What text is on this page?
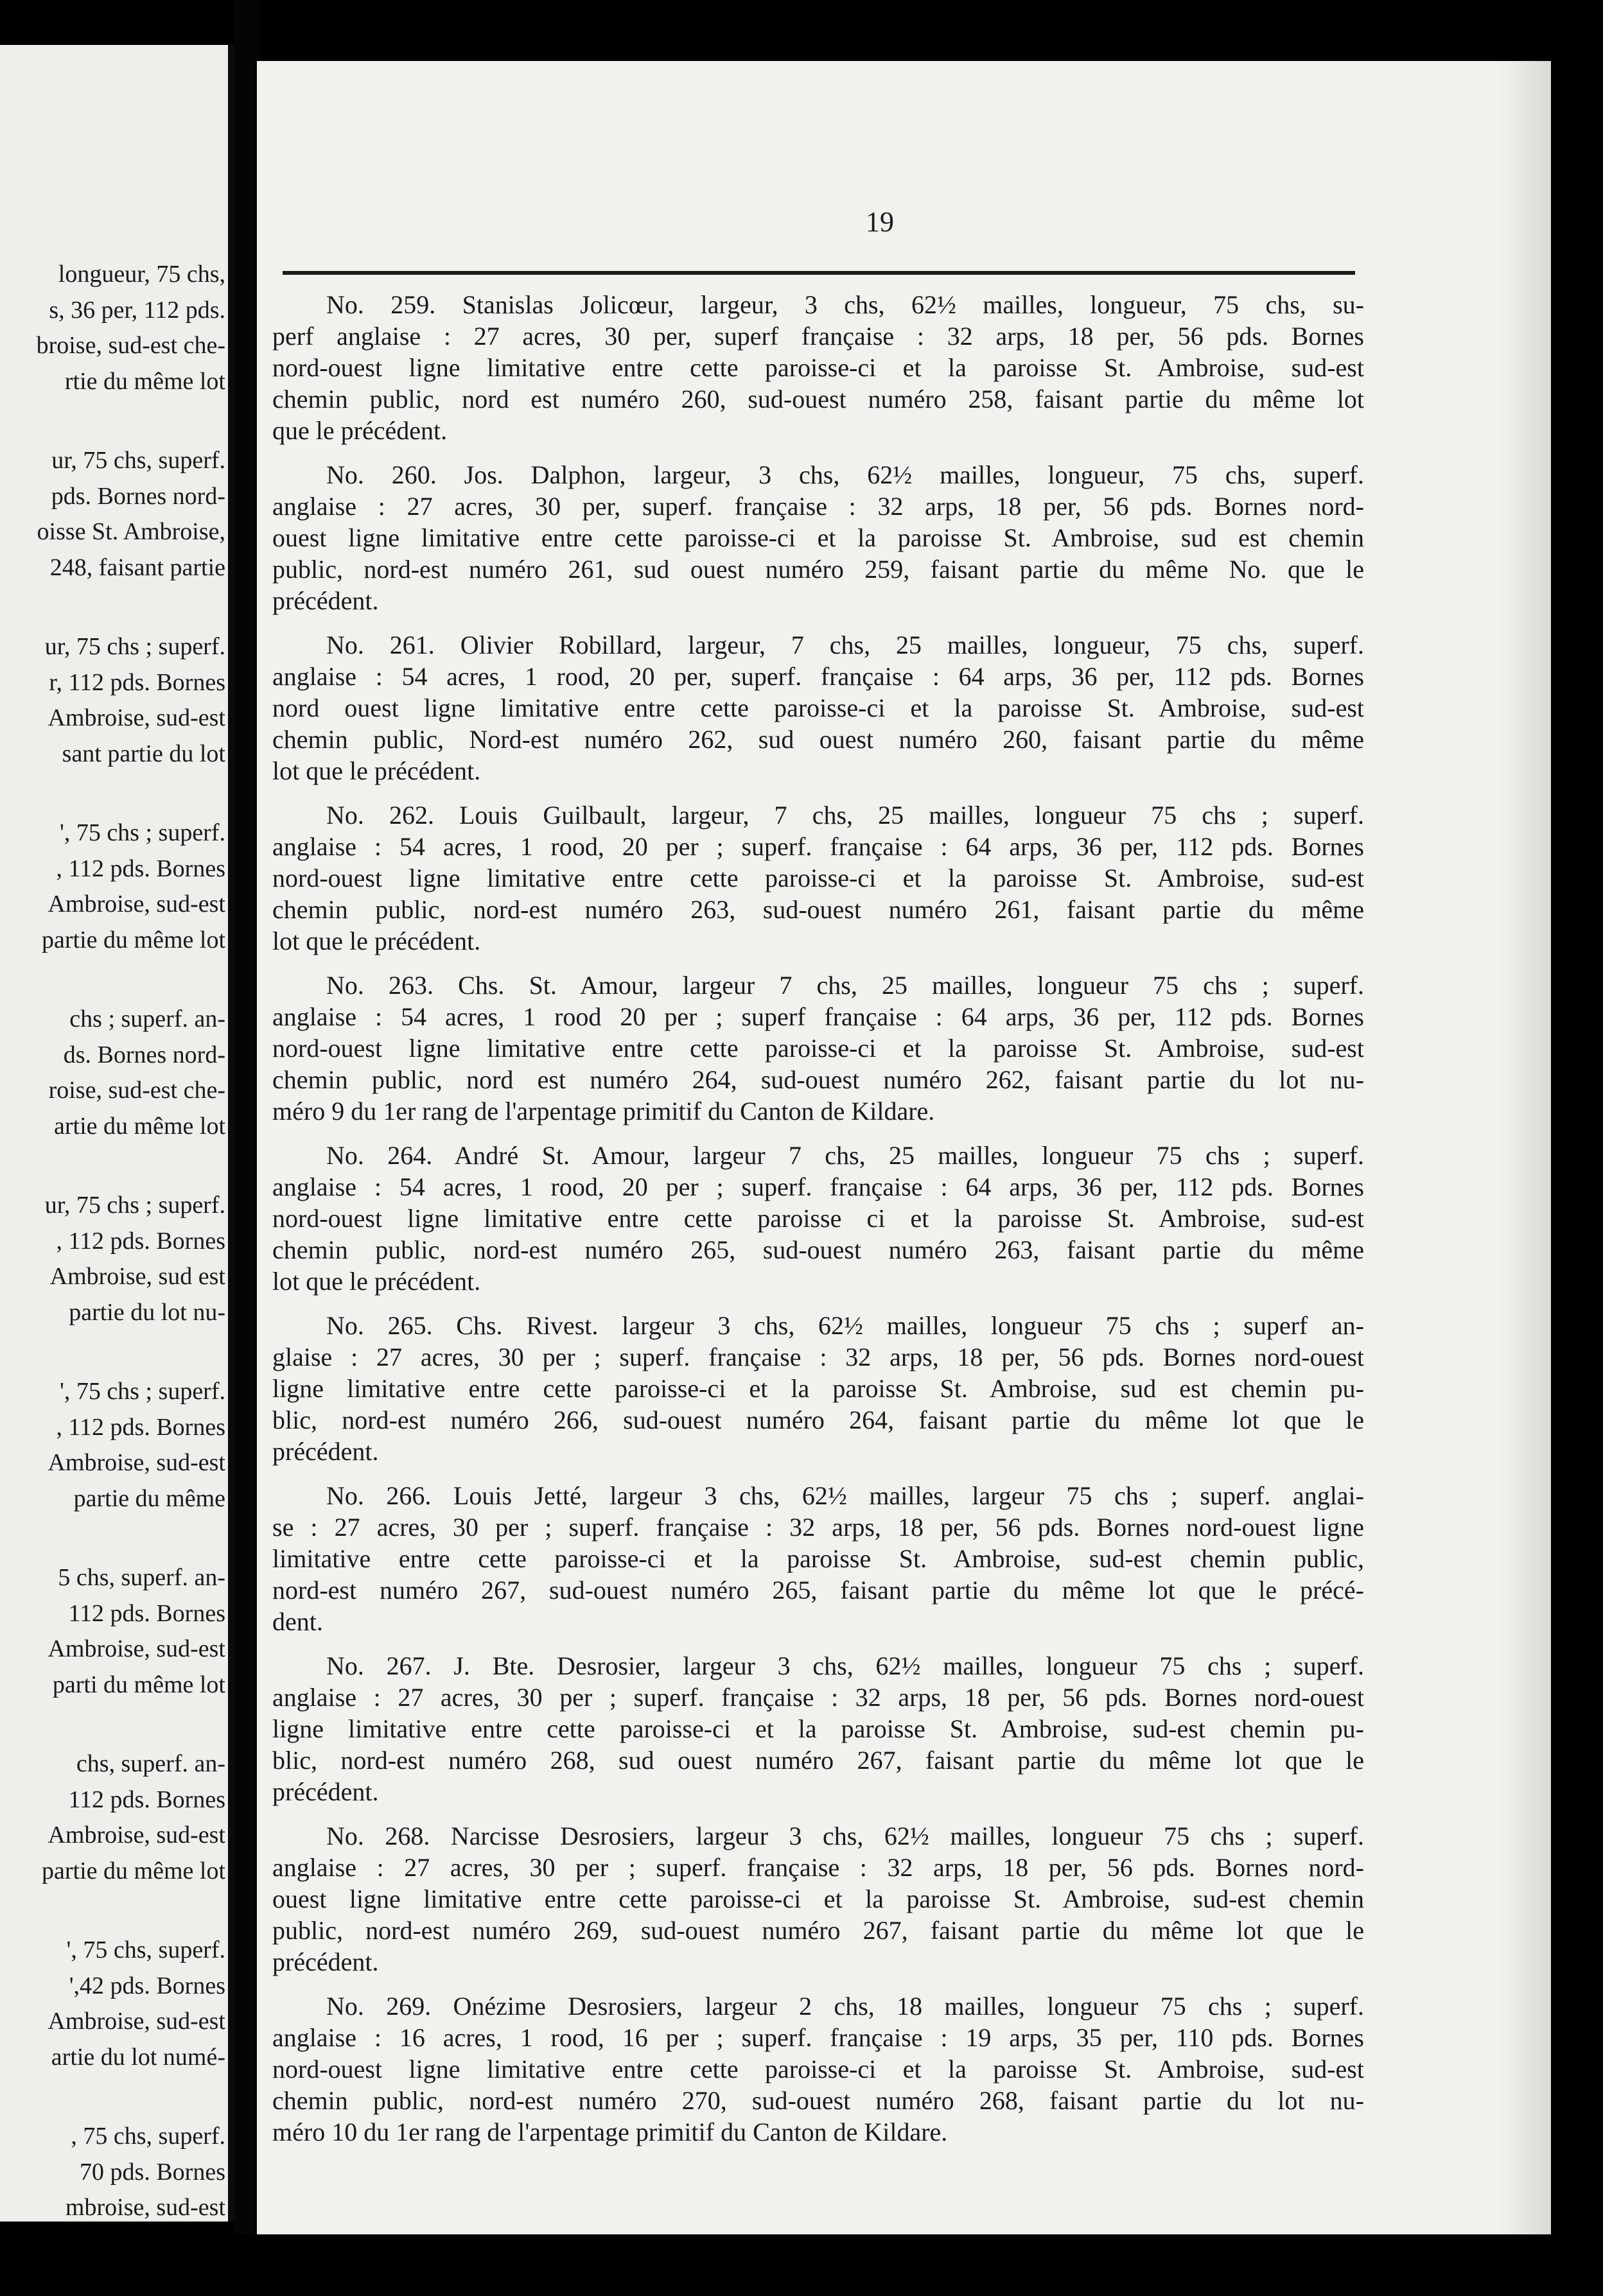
longueur, 75 chs,
s, 36 per, 112 pds.
broise, sud-est che-
rtie du même lot
ur, 75 chs, superf.
pds. Bornes nord-
oisse St. Ambroise,
248, faisant partie
ur, 75 chs ; superf.
r, 112 pds. Bornes
Ambroise, sud-est
sant partie du lot
', 75 chs ; superf.
, 112 pds. Bornes
Ambroise, sud-est
partie du même lot
chs ; superf. an-
ds. Bornes nord-
roise, sud-est che-
artie du même lot
ur, 75 chs ; superf.
, 112 pds. Bornes
Ambroise, sud est
partie du lot nu-
', 75 chs ; superf.
, 112 pds. Bornes
Ambroise, sud-est
partie du même
5 chs, superf. an-
112 pds. Bornes
Ambroise, sud-est
parti du même lot
chs, superf. an-
112 pds. Bornes
Ambroise, sud-est
partie du même lot
', 75 chs, superf.
',42 pds. Bornes
Ambroise, sud-est
artie du lot numé-
, 75 chs, superf.
70 pds. Bornes
mbroise, sud-est
19
No. 259. Stanislas Jolicœur, largeur, 3 chs, 62½ mailles, longueur, 75 chs, su-
perf anglaise : 27 acres, 30 per, superf française : 32 arps, 18 per, 56 pds. Bornes
nord-ouest ligne limitative entre cette paroisse-ci et la paroisse St. Ambroise, sud-est
chemin public, nord est numéro 260, sud-ouest numéro 258, faisant partie du même lot
que le précédent.
No. 260. Jos. Dalphon, largeur, 3 chs, 62½ mailles, longueur, 75 chs, superf.
anglaise : 27 acres, 30 per, superf. française : 32 arps, 18 per, 56 pds. Bornes nord-
ouest ligne limitative entre cette paroisse-ci et la paroisse St. Ambroise, sud est chemin
public, nord-est numéro 261, sud ouest numéro 259, faisant partie du même No. que le
précédent.
No. 261. Olivier Robillard, largeur, 7 chs, 25 mailles, longueur, 75 chs, superf.
anglaise : 54 acres, 1 rood, 20 per, superf. française : 64 arps, 36 per, 112 pds. Bornes
nord ouest ligne limitative entre cette paroisse-ci et la paroisse St. Ambroise, sud-est
chemin public, Nord-est numéro 262, sud ouest numéro 260, faisant partie du même
lot que le précédent.
No. 262. Louis Guilbault, largeur, 7 chs, 25 mailles, longueur 75 chs ; superf.
anglaise : 54 acres, 1 rood, 20 per ; superf. française : 64 arps, 36 per, 112 pds. Bornes
nord-ouest ligne limitative entre cette paroisse-ci et la paroisse St. Ambroise, sud-est
chemin public, nord-est numéro 263, sud-ouest numéro 261, faisant partie du même
lot que le précédent.
No. 263. Chs. St. Amour, largeur 7 chs, 25 mailles, longueur 75 chs ; superf.
anglaise : 54 acres, 1 rood 20 per ; superf française : 64 arps, 36 per, 112 pds. Bornes
nord-ouest ligne limitative entre cette paroisse-ci et la paroisse St. Ambroise, sud-est
chemin public, nord est numéro 264, sud-ouest numéro 262, faisant partie du lot nu-
méro 9 du 1er rang de l'arpentage primitif du Canton de Kildare.
No. 264. André St. Amour, largeur 7 chs, 25 mailles, longueur 75 chs ; superf.
anglaise : 54 acres, 1 rood, 20 per ; superf. française : 64 arps, 36 per, 112 pds. Bornes
nord-ouest ligne limitative entre cette paroisse ci et la paroisse St. Ambroise, sud-est
chemin public, nord-est numéro 265, sud-ouest numéro 263, faisant partie du même
lot que le précédent.
No. 265. Chs. Rivest. largeur 3 chs, 62½ mailles, longueur 75 chs ; superf an-
glaise : 27 acres, 30 per ; superf. française : 32 arps, 18 per, 56 pds. Bornes nord-ouest
ligne limitative entre cette paroisse-ci et la paroisse St. Ambroise, sud est chemin pu-
blic, nord-est numéro 266, sud-ouest numéro 264, faisant partie du même lot que le
précédent.
No. 266. Louis Jetté, largeur 3 chs, 62½ mailles, largeur 75 chs ; superf. anglai-
se : 27 acres, 30 per ; superf. française : 32 arps, 18 per, 56 pds. Bornes nord-ouest ligne
limitative entre cette paroisse-ci et la paroisse St. Ambroise, sud-est chemin public,
nord-est numéro 267, sud-ouest numéro 265, faisant partie du même lot que le précé-
dent.
No. 267. J. Bte. Desrosier, largeur 3 chs, 62½ mailles, longueur 75 chs ; superf.
anglaise : 27 acres, 30 per ; superf. française : 32 arps, 18 per, 56 pds. Bornes nord-ouest
ligne limitative entre cette paroisse-ci et la paroisse St. Ambroise, sud-est chemin pu-
blic, nord-est numéro 268, sud ouest numéro 267, faisant partie du même lot que le
précédent.
No. 268. Narcisse Desrosiers, largeur 3 chs, 62½ mailles, longueur 75 chs ; superf.
anglaise : 27 acres, 30 per ; superf. française : 32 arps, 18 per, 56 pds. Bornes nord-
ouest ligne limitative entre cette paroisse-ci et la paroisse St. Ambroise, sud-est chemin
public, nord-est numéro 269, sud-ouest numéro 267, faisant partie du même lot que le
précédent.
No. 269. Onézime Desrosiers, largeur 2 chs, 18 mailles, longueur 75 chs ; superf.
anglaise : 16 acres, 1 rood, 16 per ; superf. française : 19 arps, 35 per, 110 pds. Bornes
nord-ouest ligne limitative entre cette paroisse-ci et la paroisse St. Ambroise, sud-est
chemin public, nord-est numéro 270, sud-ouest numéro 268, faisant partie du lot nu-
méro 10 du 1er rang de l'arpentage primitif du Canton de Kildare.
